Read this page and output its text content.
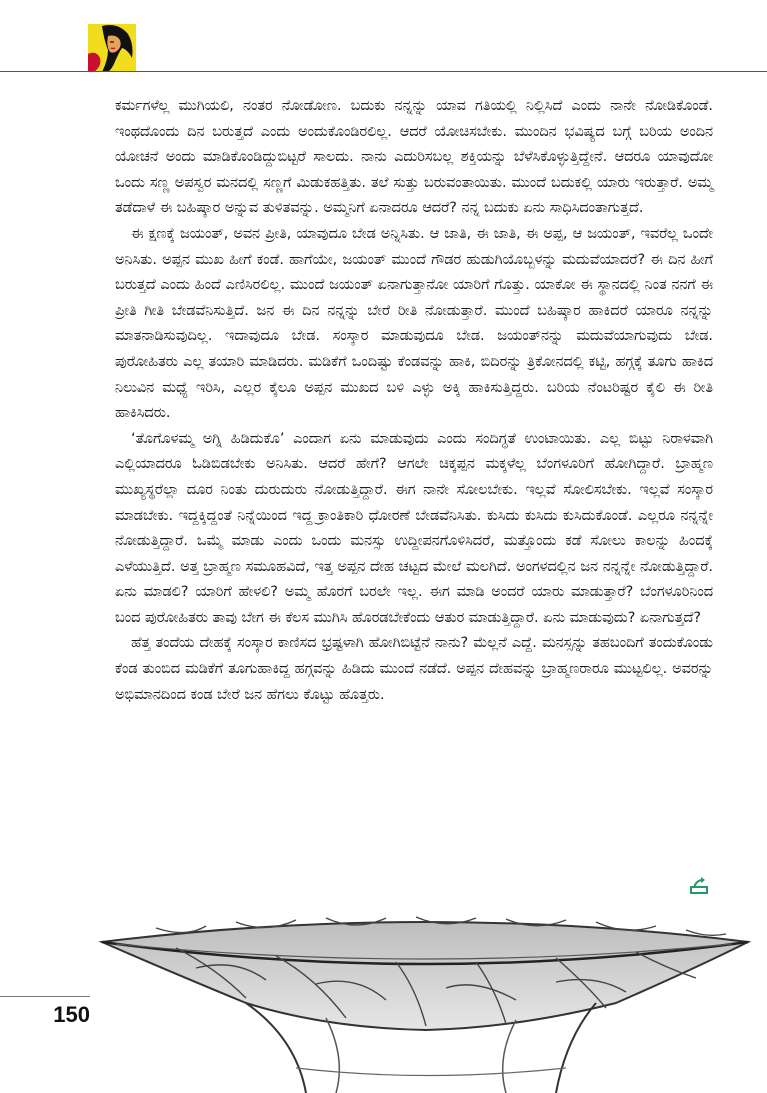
ಕರ್ಮಗಳೆಲ್ಲ ಮುಗಿಯಲಿ, ನಂತರ ನೋಡೋಣ. ಬದುಕು ನನ್ನನ್ನು ಯಾವ ಗತಿಯಲ್ಲಿ ನಿಲ್ಲಿಸಿದೆ ಎಂದು ನಾನೇ ನೋಡಿಕೊಂಡೆ. ಇಂಥದೊಂದು ದಿನ ಬರುತ್ತದೆ ಎಂದು ಅಂದುಕೊಂಡಿರಲಿಲ್ಲ. ಆದರೆ ಯೋಚಿಸಬೇಕು. ಮುಂದಿನ ಭವಿಷ್ಯದ ಬಗ್ಗೆ ಬರಿಯ ಅಂದಿನ ಯೋಚನೆ ಅಂದು ಮಾಡಿಕೊಂಡಿದ್ದುಬಿಟ್ಟರೆ ಸಾಲದು. ನಾನು ಎದುರಿಸಬಲ್ಲ ಶಕ್ತಿಯನ್ನು ಬೆಳೆಸಿಕೊಳ್ಳುತ್ತಿದ್ದೇನೆ. ಆದರೂ ಯಾವುದೋ ಒಂದು ಸಣ್ಣ ಅಪಸ್ವರ ಮನದಲ್ಲಿ ಸಣ್ಣಗೆ ಮಿಡುಕಹತ್ತಿತು. ತಲೆ ಸುತ್ತು ಬರುವಂತಾಯಿತು. ಮುಂದೆ ಬದುಕಲ್ಲಿ ಯಾರು ಇರುತ್ತಾರೆ. ಅಮ್ಮ ತಡೆದಾಳೆ ಈ ಬಹಿಷ್ಕಾರ ಅನ್ನುವ ತುಳಿತವನ್ನು. ಅಮ್ಮನಿಗೆ ಏನಾದರೂ ಆದರೆ? ನನ್ನ ಬದುಕು ಏನು ಸಾಧಿಸಿದಂತಾಗುತ್ತದೆ.

ಈ ಕ್ಷಣಕ್ಕೆ ಜಯಂತ್, ಅವನ ಪ್ರೀತಿ, ಯಾವುದೂ ಬೇಡ ಅನ್ನಿಸಿತು. ಆ ಜಾತಿ, ಈ ಜಾತಿ, ಈ ಅಪ್ಪ, ಆ ಜಯಂತ್, ಇವರೆಲ್ಲ ಒಂದೇ ಅನಿಸಿತು. ಅಪ್ಪನ ಮುಖ ಹೀಗೆ ಕಂಡೆ. ಹಾಗೆಯೇ, ಜಯಂತ್ ಮುಂದೆ ಗೌಡರ ಹುಡುಗಿಯೊಬ್ಬಳನ್ನು ಮದುವೆಯಾದರೆ? ಈ ದಿನ ಹೀಗೆ ಬರುತ್ತದೆ ಎಂದು ಹಿಂದೆ ಎಣಿಸಿರಲಿಲ್ಲ. ಮುಂದೆ ಜಯಂತ್ ಏನಾಗುತ್ತಾನೋ ಯಾರಿಗೆ ಗೊತ್ತು. ಯಾಕೋ ಈ ಸ್ಥಾನದಲ್ಲಿ ನಿಂತ ನನಗೆ ಈ ಪ್ರೀತಿ ಗೀತಿ ಬೇಡವೆನಿಸುತ್ತಿದೆ. ಜನ ಈ ದಿನ ನನ್ನನ್ನು ಬೇರೆ ರೀತಿ ನೋಡುತ್ತಾರೆ. ಮುಂದೆ ಬಹಿಷ್ಕಾರ ಹಾಕಿದರೆ ಯಾರೂ ನನ್ನನ್ನು ಮಾತನಾಡಿಸುವುದಿಲ್ಲ. ಇದಾವುದೂ ಬೇಡ. ಸಂಸ್ಕಾರ ಮಾಡುವುದೂ ಬೇಡ. ಜಯಂತ್‌ನನ್ನು ಮದುವೆಯಾಗುವುದು ಬೇಡ. ಪುರೋಹಿತರು ಎಲ್ಲ ತಯಾರಿ ಮಾಡಿದರು. ಮಡಿಕೆಗೆ ಒಂದಿಷ್ಟು ಕೆಂಡವನ್ನು ಹಾಕಿ, ಬಿದಿರನ್ನು ತ್ರಿಕೋನದಲ್ಲಿ ಕಟ್ಟಿ, ಹಗ್ಗಕ್ಕೆ ತೂಗು ಹಾಕಿದ ನಿಲುವಿನ ಮಧ್ಯೆ ಇರಿಸಿ, ಎಲ್ಲರ ಕೈಲೂ ಅಪ್ಪನ ಮುಖದ ಬಳಿ ಎಳ್ಳು ಅಕ್ಕಿ ಹಾಕಿಸುತ್ತಿದ್ದರು. ಬರಿಯ ನೆಂಟರಿಷ್ಟರ ಕೈಲಿ ಈ ರೀತಿ ಹಾಕಿಸಿದರು.

‘ತೊಗೊಳಮ್ಮ ಅಗ್ನಿ ಹಿಡಿದುಕೊ’ ಎಂದಾಗ ಏನು ಮಾಡುವುದು ಎಂದು ಸಂದಿಗ್ಧತೆ ಉಂಟಾಯಿತು. ಎಲ್ಲ ಬಿಟ್ಟು ನಿರಾಳವಾಗಿ ಎಲ್ಲಿಯಾದರೂ ಓಡಿಬಿಡಬೇಕು ಅನಿಸಿತು. ಆದರೆ ಹೇಗೆ? ಆಗಲೇ ಚಿಕ್ಕಪ್ಪನ ಮಕ್ಕಳೆಲ್ಲ ಬೆಂಗಳೂರಿಗೆ ಹೋಗಿದ್ದಾರೆ. ಬ್ರಾಹ್ಮಣ ಮುಖ್ಯಸ್ಥರೆಲ್ಲಾ ದೂರ ನಿಂತು ದುರುದುರು ನೋಡುತ್ತಿದ್ದಾರೆ. ಈಗ ನಾನೇ ಸೋಲಬೇಕು. ಇಲ್ಲವೆ ಸೋಲಿಸಬೇಕು. ಇಲ್ಲವೆ ಸಂಸ್ಕಾರ ಮಾಡಬೇಕು. ಇದ್ದಕ್ಕಿದ್ದಂತೆ ನಿನ್ನೆಯಿಂದ ಇದ್ದ ಕ್ರಾಂತಿಕಾರಿ ಧೋರಣೆ ಬೇಡವೆನಿಸಿತು. ಕುಸಿದು ಕುಸಿದು ಕುಸಿದುಕೊಂಡೆ. ಎಲ್ಲರೂ ನನ್ನನ್ನೇ ನೋಡುತ್ತಿದ್ದಾರೆ. ಒಮ್ಮೆ ಮಾಡು ಎಂದು ಒಂದು ಮನಸ್ಸು ಉದ್ದೀಪನಗೊಳಿಸಿದರೆ, ಮತ್ತೊಂದು ಕಡೆ ಸೋಲು ಕಾಲನ್ನು ಹಿಂದಕ್ಕೆ ಎಳೆಯುತ್ತಿದೆ. ಅತ್ತ ಬ್ರಾಹ್ಮಣ ಸಮೂಹವಿದೆ, ಇತ್ತ ಅಪ್ಪನ ದೇಹ ಚಟ್ಟದ ಮೇಲೆ ಮಲಗಿದೆ. ಅಂಗಳದಲ್ಲಿನ ಜನ ನನ್ನನ್ನೇ ನೋಡುತ್ತಿದ್ದಾರೆ. ಏನು ಮಾಡಲಿ? ಯಾರಿಗೆ ಹೇಳಲಿ? ಅಮ್ಮ ಹೊರಗೆ ಬರಲೇ ಇಲ್ಲ. ಈಗ ಮಾಡಿ ಅಂದರೆ ಯಾರು ಮಾಡುತ್ತಾರೆ? ಬೆಂಗಳೂರಿನಿಂದ ಬಂದ ಪುರೋಹಿತರು ತಾವು ಬೇಗ ಈ ಕೆಲಸ ಮುಗಿಸಿ ಹೊರಡಬೇಕೆಂದು ಆತುರ ಮಾಡುತ್ತಿದ್ದಾರೆ. ಏನು ಮಾಡುವುದು? ಏನಾಗುತ್ತದೆ?

ಹೆತ್ತ ತಂದೆಯ ದೇಹಕ್ಕೆ ಸಂಸ್ಕಾರ ಕಾಣಿಸದ ಭ್ರಷ್ಟಳಾಗಿ ಹೋಗಿಬಿಟ್ಟೆನೆ ನಾನು? ಮೆಲ್ಲನೆ ಎದ್ದೆ. ಮನಸ್ಸನ್ನು ತಹಬಂದಿಗೆ ತಂದುಕೊಂಡು ಕೆಂಡ ತುಂಬಿದ ಮಡಿಕೆಗೆ ತೂಗುಹಾಕಿದ್ದ ಹಗ್ಗವನ್ನು ಹಿಡಿದು ಮುಂದೆ ನಡೆದೆ. ಅಪ್ಪನ ದೇಹವನ್ನು ಬ್ರಾಹ್ಮಣರಾರೂ ಮುಟ್ಟಲಿಲ್ಲ. ಅವರನ್ನು ಅಭಿಮಾನದಿಂದ ಕಂಡ ಬೇರೆ ಜನ ಹೆಗಲು ಕೊಟ್ಟು ಹೊತ್ತರು.

150
